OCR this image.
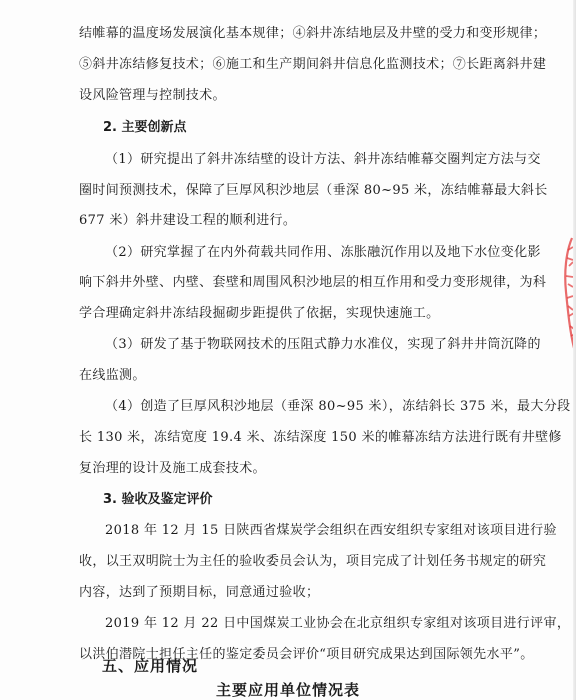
结帷幕的温度场发展演化基本规律；④斜井冻结地层及井壁的受力和变形规律；
⑤斜井冻结修复技术；⑥施工和生产期间斜井信息化监测技术；⑦长距离斜井建
设风险管理与控制技术。
2. 主要创新点
（1）研究提出了斜井冻结壁的设计方法、斜井冻结帷幕交圈判定方法与交
圈时间预测技术，保障了巨厚风积沙地层（垂深 80~95 米，冻结帷幕最大斜长
677 米）斜井建设工程的顺利进行。
（2）研究掌握了在内外荷载共同作用、冻胀融沉作用以及地下水位变化影
响下斜井外壁、内壁、套壁和周围风积沙地层的相互作用和受力变形规律，为科
学合理确定斜井冻结段掘砌步距提供了依据，实现快速施工。
（3）研发了基于物联网技术的压阻式静力水准仪，实现了斜井井筒沉降的
在线监测。
（4）创造了巨厚风积沙地层（垂深 80~95 米），冻结斜长 375 米，最大分段
长 130 米，冻结宽度 19.4 米、冻结深度 150 米的帷幕冻结方法进行既有井壁修
复治理的设计及施工成套技术。
3. 验收及鉴定评价
2018 年 12 月 15 日陕西省煤炭学会组织在西安组织专家组对该项目进行验
收，以王双明院士为主任的验收委员会认为，项目完成了计划任务书规定的研究
内容，达到了预期目标，同意通过验收；
2019 年 12 月 22 日中国煤炭工业协会在北京组织专家组对该项目进行评审，
以洪伯潜院士担任主任的鉴定委员会评价“项目研究成果达到国际领先水平”。
五、应用情况
主要应用单位情况表
